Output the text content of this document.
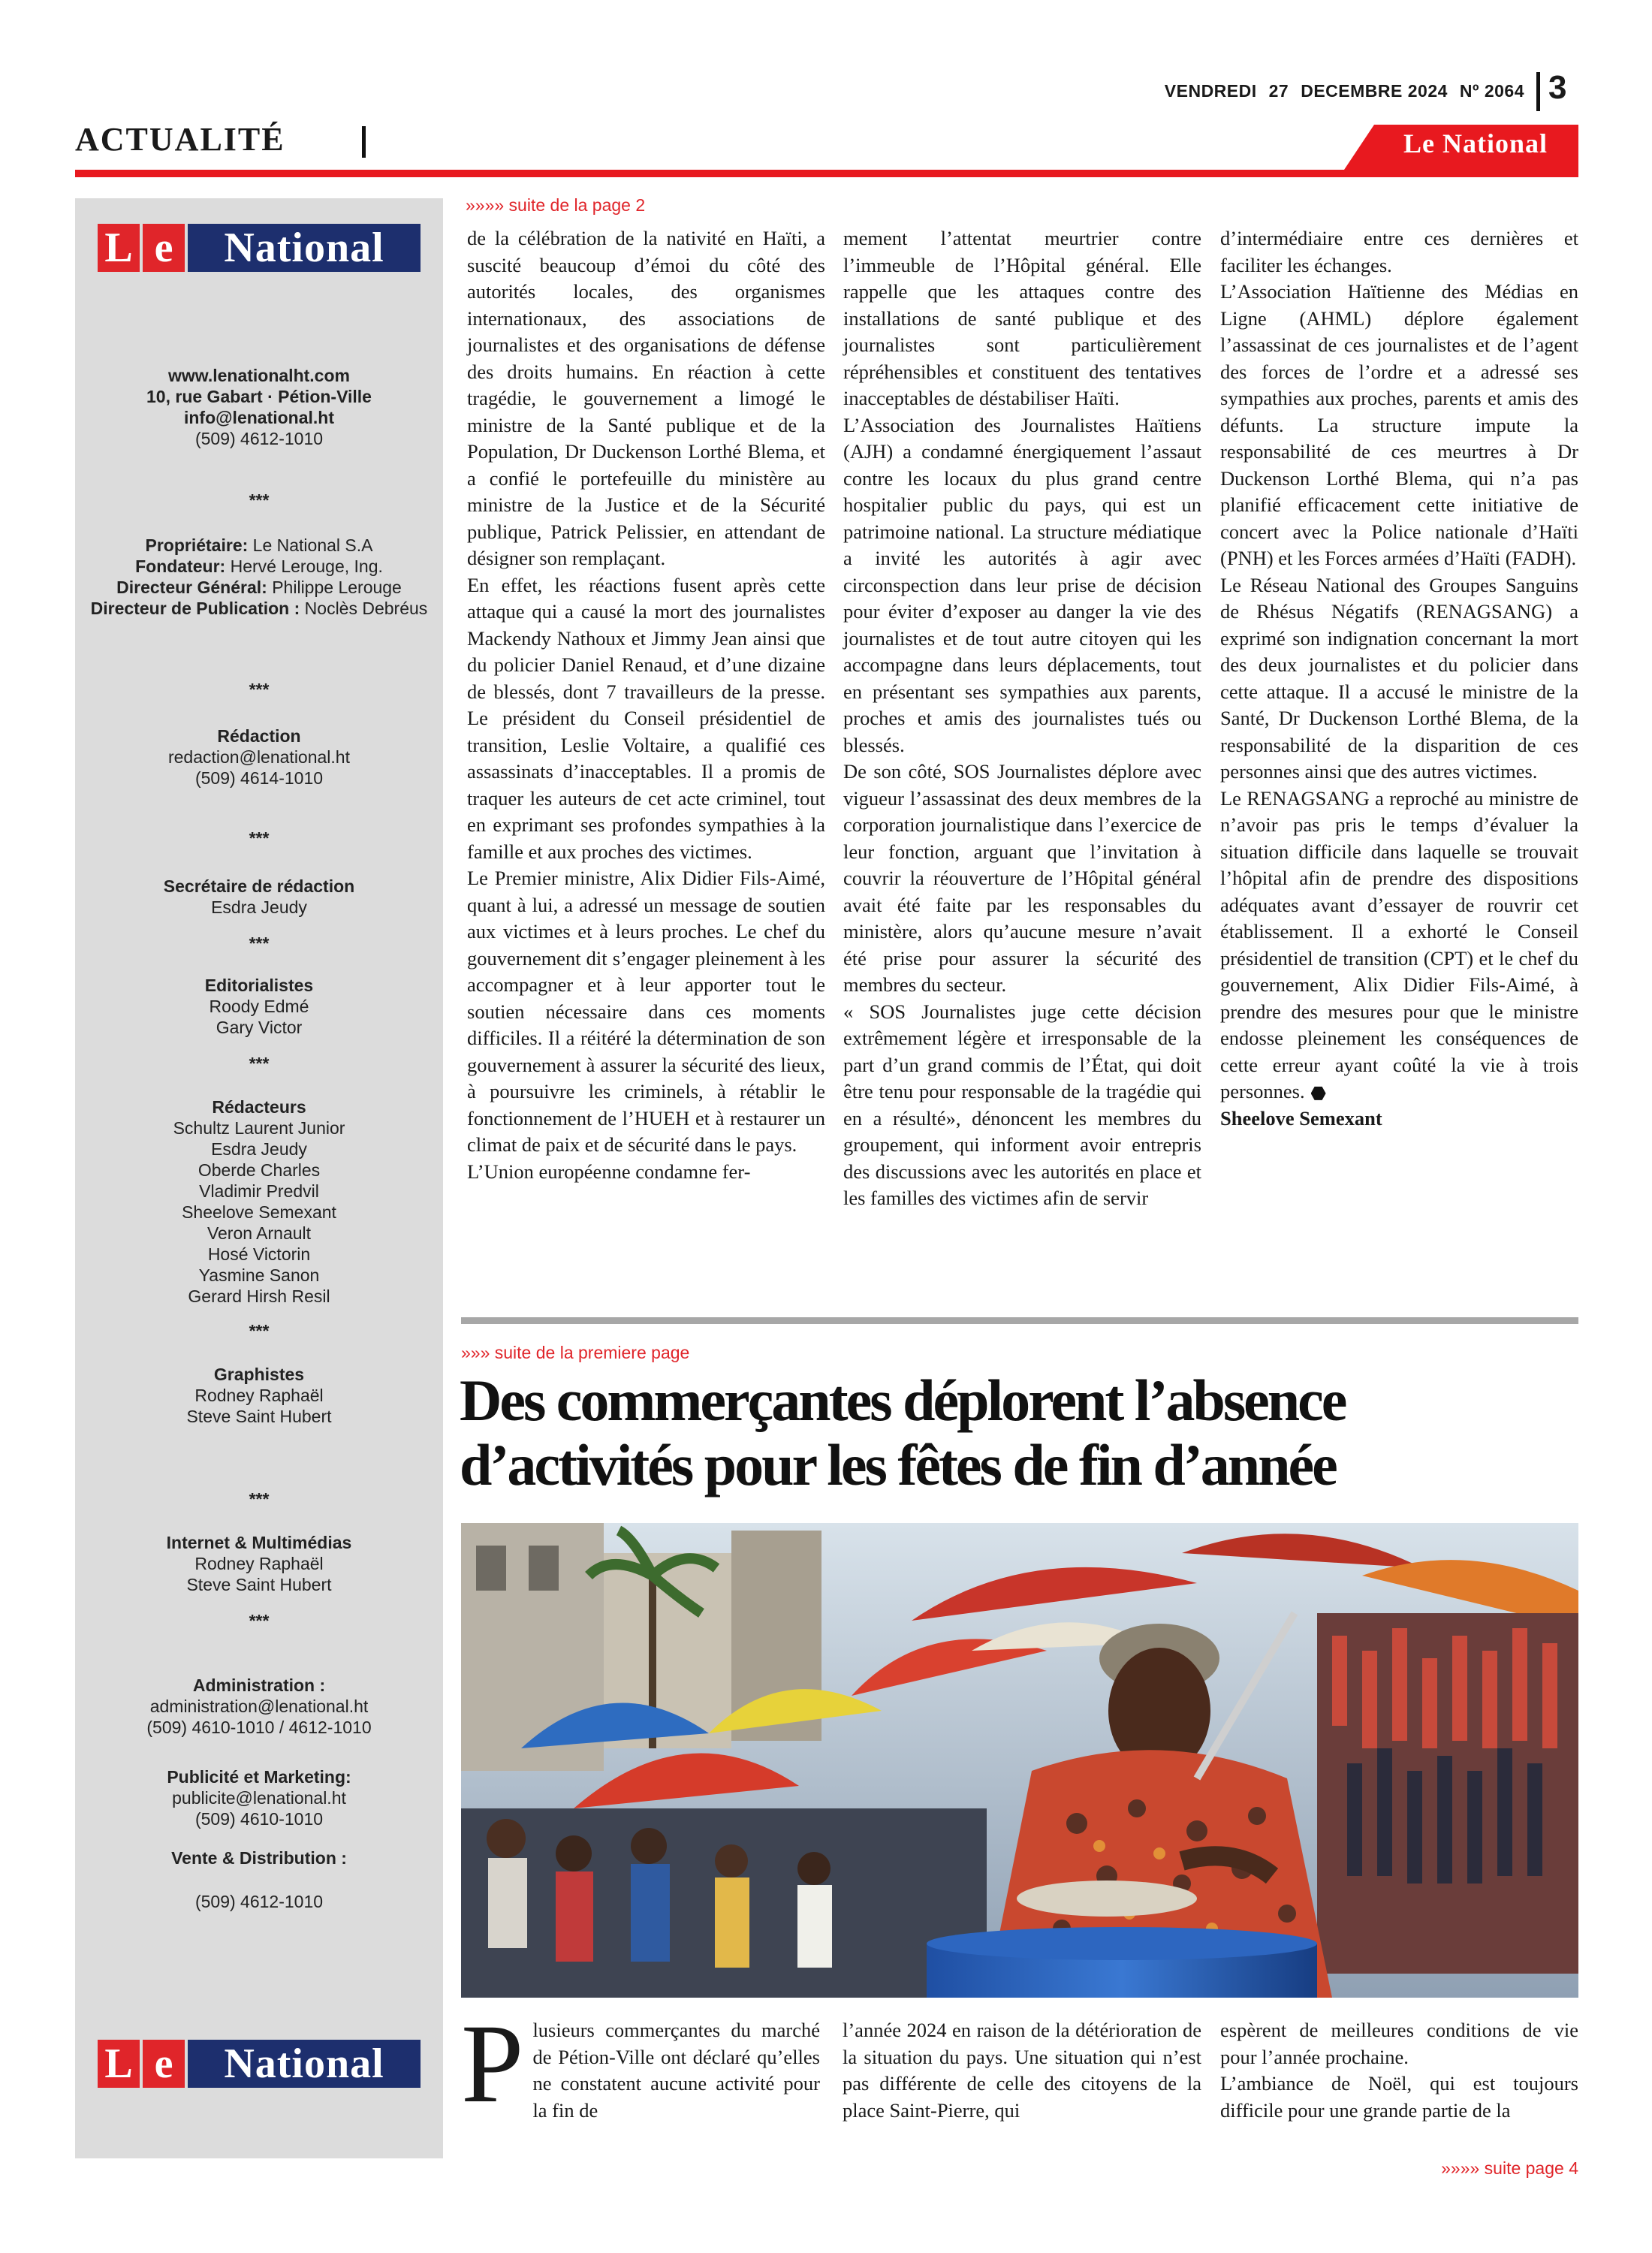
VENDREDI 27 DECEMBRE 2024 Nº 2064 3
ACTUALITÉ	Le National
L e	National
www.lenationalht.com
10, rue Gabart · Pétion-Ville
info@lenational.ht
(509) 4612-1010
***
Propriétaire: Le National S.A
Fondateur: Hervé Lerouge, Ing.
Directeur Général: Philippe Lerouge
Directeur de Publication : Noclès Debréus
***
Rédaction
redaction@lenational.ht
(509) 4614-1010
***
Secrétaire de rédaction
Esdra Jeudy
***
Editorialistes
Roody Edmé
Gary Victor
***
Rédacteurs
Schultz Laurent Junior
Esdra Jeudy
Oberde Charles
Vladimir Predvil
Sheelove Semexant
Veron Arnault
Hosé Victorin
Yasmine Sanon
Gerard Hirsh Resil
***
Graphistes
Rodney Raphaël
Steve Saint Hubert
***
Internet & Multimédias
Rodney Raphaël
Steve Saint Hubert
***
Administration :
administration@lenational.ht
(509) 4610-1010 / 4612-1010
Publicité et Marketing:
publicite@lenational.ht
(509) 4610-1010
Vente & Distribution :
(509) 4612-1010
L e	National
»»»» suite de la page 2

de la célébration de la nativité en Haïti, a suscité beaucoup d’émoi du côté des autorités locales, des organismes internationaux, des associations de journalistes et des organisations de défense des droits humains. En réaction à cette tragédie, le gouvernement a limogé le ministre de la Santé publique et de la Population, Dr Duckenson Lorthé Blema, et a confié le portefeuille du ministère au ministre de la Justice et de la Sécurité publique, Patrick Pelissier, en attendant de désigner son remplaçant.

En effet, les réactions fusent après cette attaque qui a causé la mort des journalistes Mackendy Nathoux et Jimmy Jean ainsi que du policier Daniel Renaud, et d’une dizaine de blessés, dont 7 travailleurs de la presse. Le président du Conseil présidentiel de transition, Leslie Voltaire, a qualifié ces assassinats d’inacceptables. Il a promis de traquer les auteurs de cet acte criminel, tout en exprimant ses profondes sympathies à la famille et aux proches des victimes.

Le Premier ministre, Alix Didier Fils-Aimé, quant à lui, a adressé un message de soutien aux victimes et à leurs proches. Le chef du gouvernement dit s’engager pleinement à les accompagner et à leur apporter tout le soutien nécessaire dans ces moments difficiles. Il a réitéré la détermination de son gouvernement à assurer la sécurité des lieux, à poursuivre les criminels, à rétablir le fonctionnement de l’HUEH et à restaurer un climat de paix et de sécurité dans le pays.

L’Union européenne condamne fer-

mement l’attentat meurtrier contre l’immeuble de l’Hôpital général. Elle rappelle que les attaques contre des installations de santé publique et des journalistes sont particulièrement répréhensibles et constituent des tentatives inacceptables de déstabiliser Haïti.

L’Association des Journalistes Haïtiens (AJH) a condamné énergiquement l’assaut contre les locaux du plus grand centre hospitalier public du pays, qui est un patrimoine national. La structure médiatique a invité les autorités à agir avec circonspection dans leur prise de décision pour éviter d’exposer au danger la vie des journalistes et de tout autre citoyen qui les accompagne dans leurs déplacements, tout en présentant ses sympathies aux parents, proches et amis des journalistes tués ou blessés.

De son côté, SOS Journalistes déplore avec vigueur l’assassinat des deux membres de la corporation journalistique dans l’exercice de leur fonction, arguant que l’invitation à couvrir la réouverture de l’Hôpital général avait été faite par les responsables du ministère, alors qu’aucune mesure n’avait été prise pour assurer la sécurité des membres du secteur.

« SOS Journalistes juge cette décision extrêmement légère et irresponsable de la part d’un grand commis de l’État, qui doit être tenu pour responsable de la tragédie qui en a résulté», dénoncent les membres du groupement, qui informent avoir entrepris des discussions avec les autorités en place et les familles des victimes afin de servir

d’intermédiaire entre ces dernières et faciliter les échanges.

L’Association Haïtienne des Médias en Ligne (AHML) déplore également l’assassinat de ces journalistes et de l’agent des forces de l’ordre et a adressé ses sympathies aux proches, parents et amis des défunts. La structure impute la responsabilité de ces meurtres à Dr Duckenson Lorthé Blema, qui n’a pas planifié efficacement cette initiative de concert avec la Police nationale d’Haïti (PNH) et les Forces armées d’Haïti (FADH).

Le Réseau National des Groupes Sanguins de Rhésus Négatifs (RENAGSANG) a exprimé son indignation concernant la mort des deux journalistes et du policier dans cette attaque. Il a accusé le ministre de la Santé, Dr Duckenson Lorthé Blema, de la responsabilité de la disparition de ces personnes ainsi que des autres victimes.

Le RENAGSANG a reproché au ministre de n’avoir pas pris le temps d’évaluer la situation difficile dans laquelle se trouvait l’hôpital afin de prendre des dispositions adéquates avant d’essayer de rouvrir cet établissement. Il a exhorté le Conseil présidentiel de transition (CPT) et le chef du gouvernement, Alix Didier Fils-Aimé, à prendre des mesures pour que le ministre endosse pleinement les conséquences de cette erreur ayant coûté la vie à trois personnes.

Sheelove Semexant

»»» suite de la premiere page
Des commerçantes déplorent l’absence
d’activités pour les fêtes de fin d’année
P lusieurs commerçantes du marché de Pétion-Ville ont déclaré qu’elles ne constatent aucune activité pour la fin de

l’année 2024 en raison de la détérioration de la situation du pays. Une situation qui n’est pas différente de celle des citoyens de la place Saint-Pierre, qui

espèrent de meilleures conditions de vie pour l’année prochaine.

L’ambiance de Noël, qui est toujours difficile pour une grande partie de la

»»»» suite page 4
